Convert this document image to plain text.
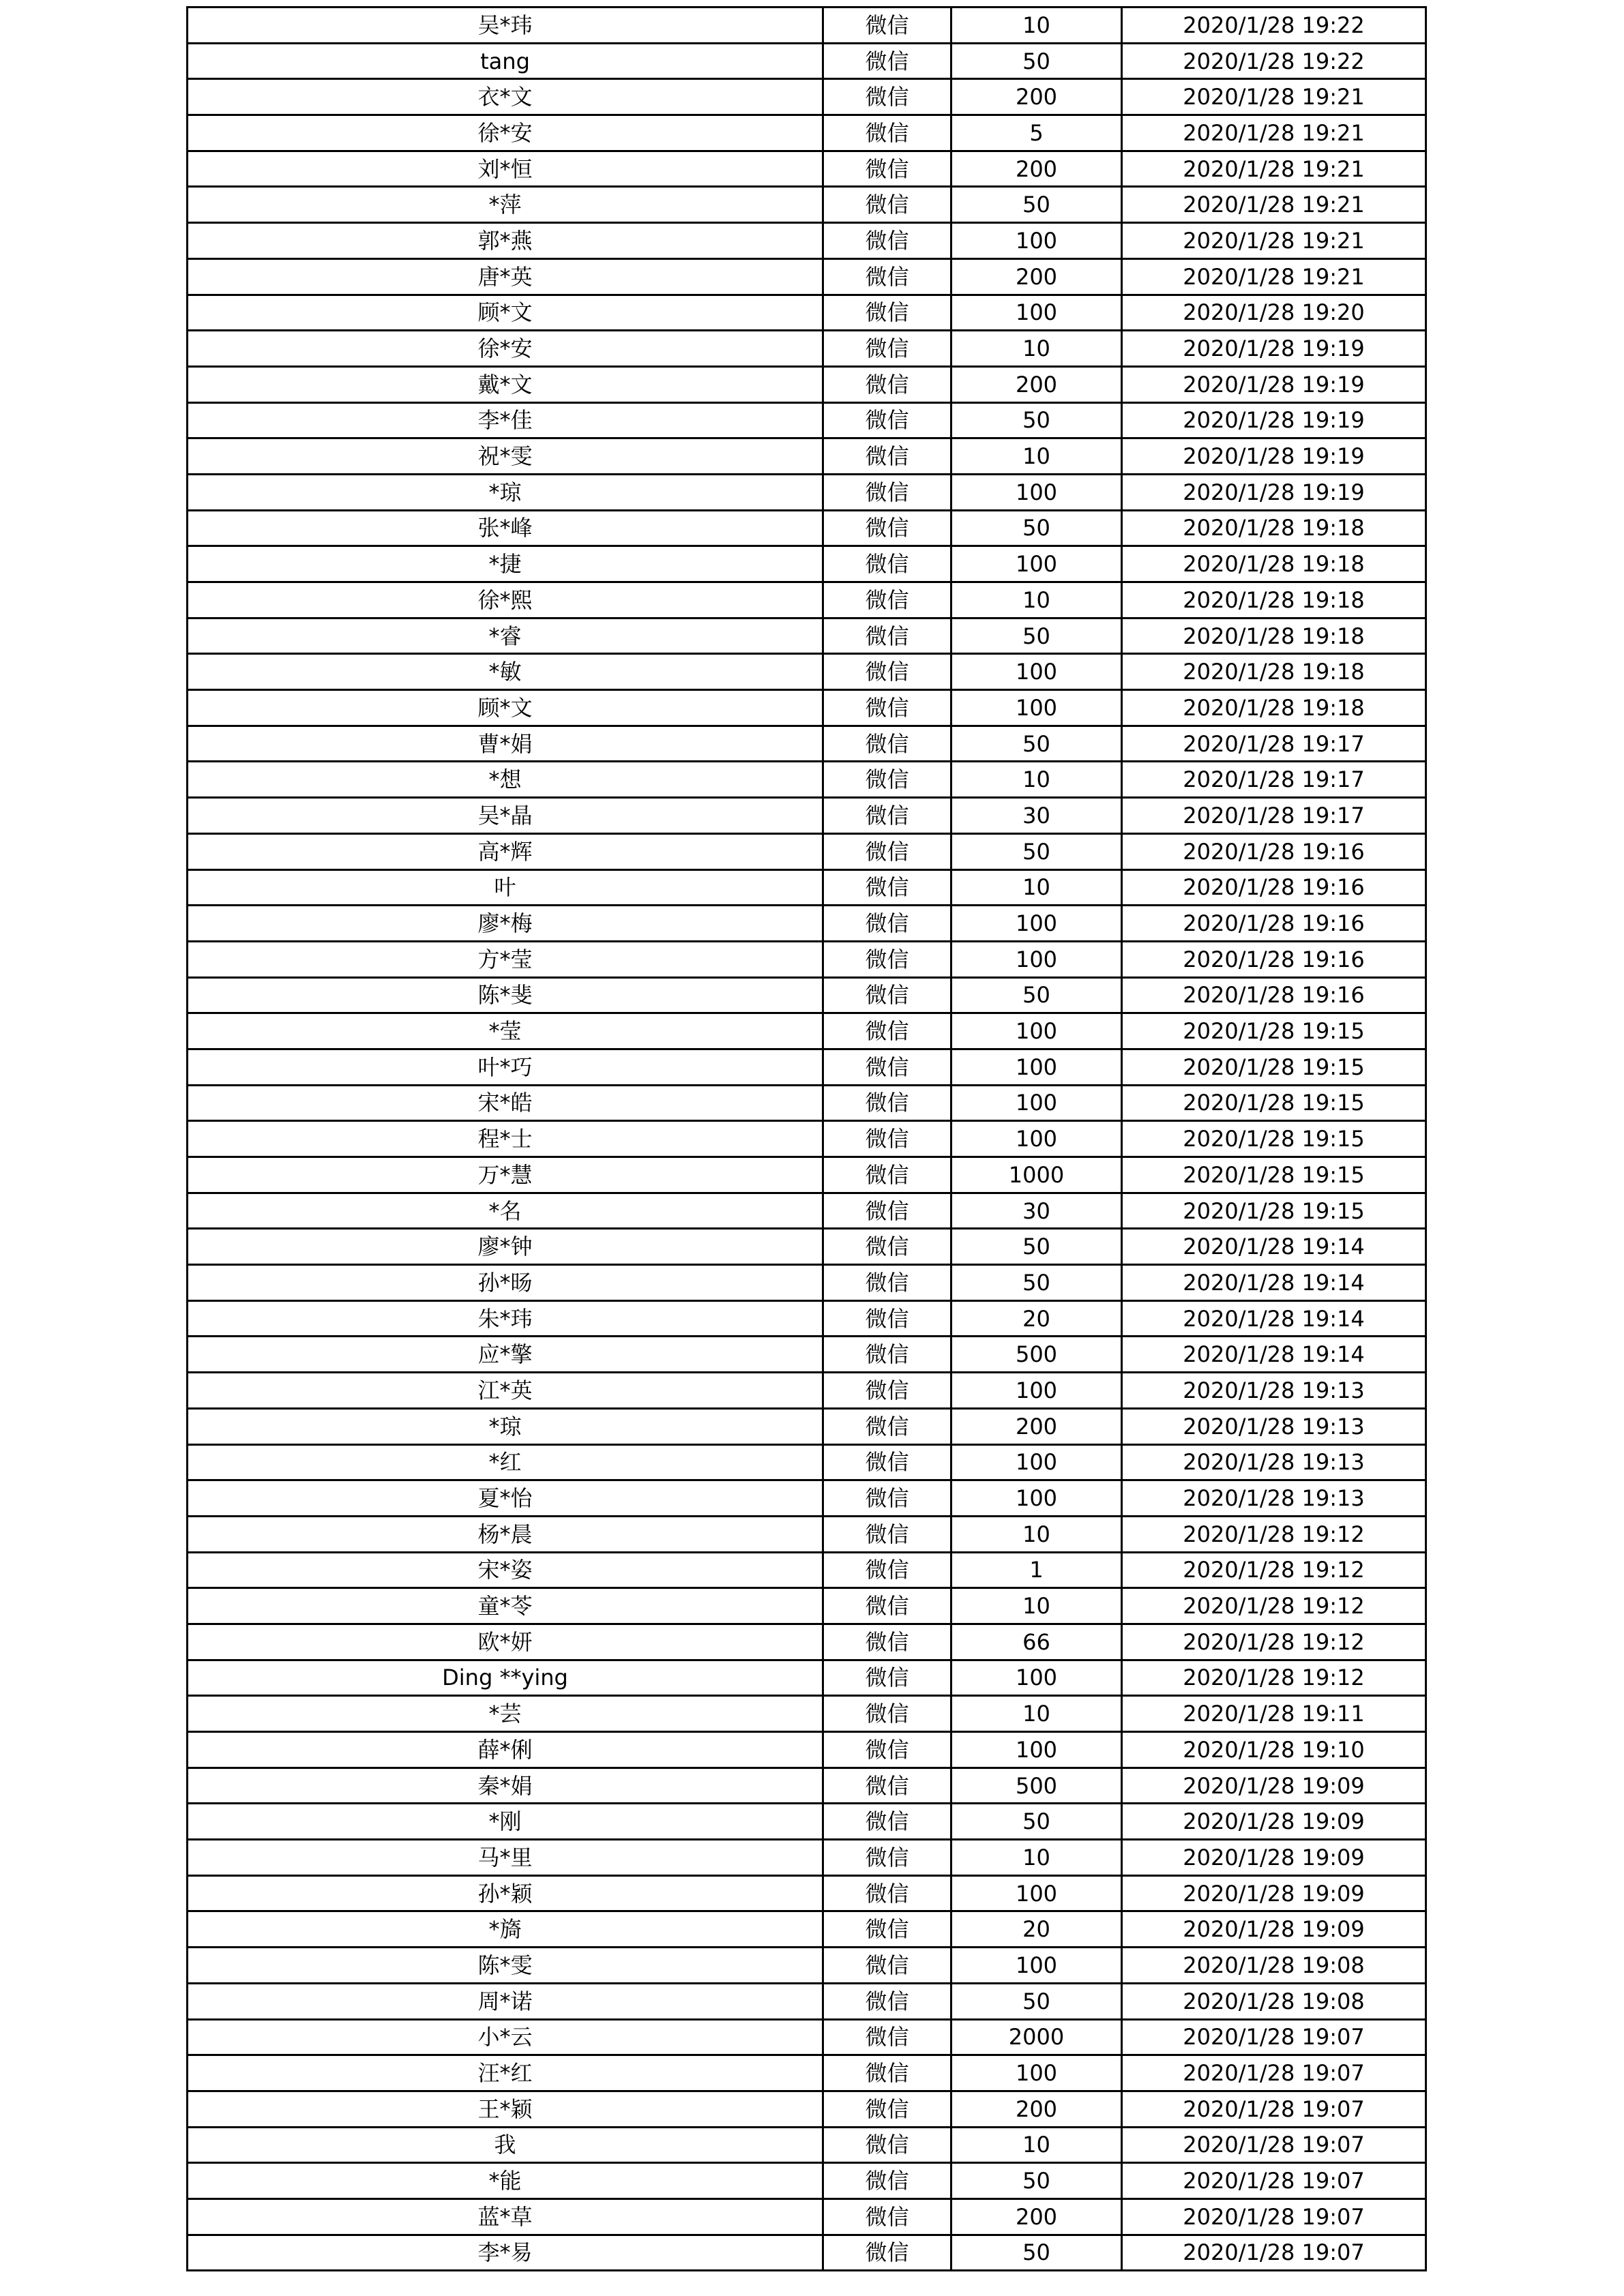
吴*玮	微信	10	2020/1/28 19:22
tang	微信	50	2020/1/28 19:22
衣*文	微信	200	2020/1/28 19:21
徐*安	微信	5	2020/1/28 19:21
刘*恒	微信	200	2020/1/28 19:21
*萍	微信	50	2020/1/28 19:21
郭*燕	微信	100	2020/1/28 19:21
唐*英	微信	200	2020/1/28 19:21
顾*文	微信	100	2020/1/28 19:20
徐*安	微信	10	2020/1/28 19:19
戴*文	微信	200	2020/1/28 19:19
李*佳	微信	50	2020/1/28 19:19
祝*雯	微信	10	2020/1/28 19:19
*琼	微信	100	2020/1/28 19:19
张*峰	微信	50	2020/1/28 19:18
*捷	微信	100	2020/1/28 19:18
徐*熙	微信	10	2020/1/28 19:18
*睿	微信	50	2020/1/28 19:18
*敏	微信	100	2020/1/28 19:18
顾*文	微信	100	2020/1/28 19:18
曹*娟	微信	50	2020/1/28 19:17
*想	微信	10	2020/1/28 19:17
吴*晶	微信	30	2020/1/28 19:17
高*辉	微信	50	2020/1/28 19:16
叶	微信	10	2020/1/28 19:16
廖*梅	微信	100	2020/1/28 19:16
方*莹	微信	100	2020/1/28 19:16
陈*斐	微信	50	2020/1/28 19:16
*莹	微信	100	2020/1/28 19:15
叶*巧	微信	100	2020/1/28 19:15
宋*皓	微信	100	2020/1/28 19:15
程*士	微信	100	2020/1/28 19:15
万*慧	微信	1000	2020/1/28 19:15
*名	微信	30	2020/1/28 19:15
廖*钟	微信	50	2020/1/28 19:14
孙*旸	微信	50	2020/1/28 19:14
朱*玮	微信	20	2020/1/28 19:14
应*擎	微信	500	2020/1/28 19:14
江*英	微信	100	2020/1/28 19:13
*琼	微信	200	2020/1/28 19:13
*红	微信	100	2020/1/28 19:13
夏*怡	微信	100	2020/1/28 19:13
杨*晨	微信	10	2020/1/28 19:12
宋*姿	微信	1	2020/1/28 19:12
童*苓	微信	10	2020/1/28 19:12
欧*妍	微信	66	2020/1/28 19:12
Ding **ying	微信	100	2020/1/28 19:12
*芸	微信	10	2020/1/28 19:11
薛*俐	微信	100	2020/1/28 19:10
秦*娟	微信	500	2020/1/28 19:09
*刚	微信	50	2020/1/28 19:09
马*里	微信	10	2020/1/28 19:09
孙*颖	微信	100	2020/1/28 19:09
*旖	微信	20	2020/1/28 19:09
陈*雯	微信	100	2020/1/28 19:08
周*诺	微信	50	2020/1/28 19:08
小*云	微信	2000	2020/1/28 19:07
汪*红	微信	100	2020/1/28 19:07
王*颖	微信	200	2020/1/28 19:07
我	微信	10	2020/1/28 19:07
*能	微信	50	2020/1/28 19:07
蓝*草	微信	200	2020/1/28 19:07
李*易	微信	50	2020/1/28 19:07
